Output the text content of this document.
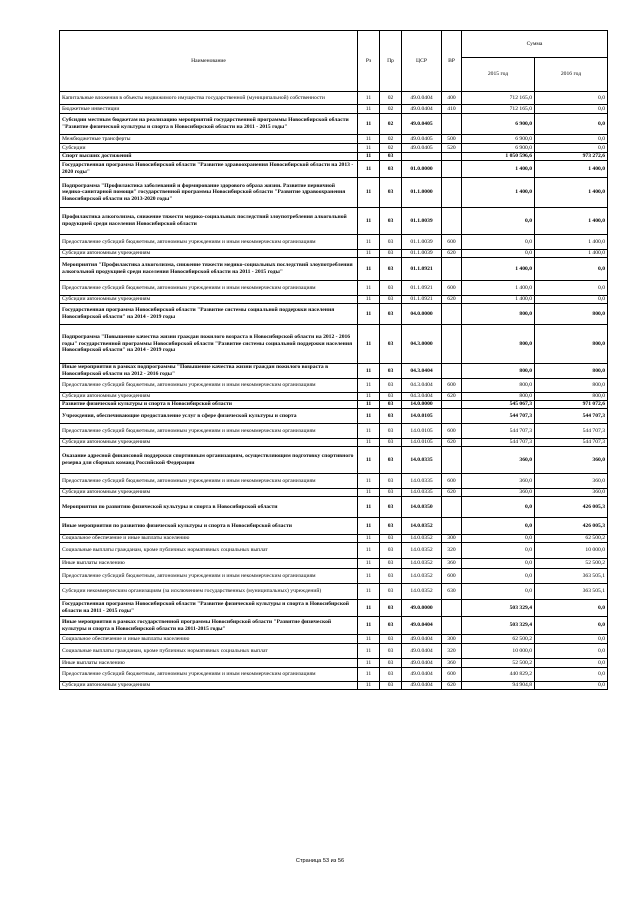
Наименование	Рз	Пр	ЦСР	ВР	Сумма	
					2015 год	2016 год
Капитальные вложения в объекты недвижимого имущества государственной (муниципальной) собственности	11	02	49.0.0404	400	712 165,0	0,0
Бюджетные инвестиции	11	02	49.0.0404	410	712 165,0	0,0
Субсидии местным бюджетам на реализацию мероприятий государственной программы Новосибирской области "Развитие физической культуры и спорта в Новосибирской области на 2011 - 2015 годы"	11	02	49.0.0405		6 900,0	0,0
Межбюджетные трансферты	11	02	49.0.0405	500	6 900,0	0,0
Субсидии	11	02	49.0.0405	520	6 900,0	0,0
Спорт высших достижений	11	03			1 050 596,6	973 272,6
Государственная программа Новосибирской области "Развитие здравоохранения Новосибирской области на 2013 - 2020 годы"	11	03	01.0.0000		1 400,0	1 400,0
Подпрограмма "Профилактика заболеваний и формирование здорового образа жизни. Развитие первичной медико-санитарной помощи" государственной программы Новосибирской области "Развитие здравоохранения Новосибирской области на 2013-2020 годы"	11	03	01.1.0000		1 400,0	1 400,0
Профилактика алкоголизма, снижение тяжести медико-социальных последствий злоупотребления алкогольной продукцией среди населения Новосибирской области	11	03	01.1.0039		0,0	1 400,0
Предоставление субсидий бюджетным, автономным учреждениям и иным некоммерческим организациям	11	03	01.1.0039	600	0,0	1 400,0
Субсидии автономным учреждениям	11	03	01.1.0039	620	0,0	1 400,0
Мероприятия "Профилактика алкоголизма, снижение тяжести медико-социальных последствий злоупотребления алкогольной продукцией среди населения Новосибирской области на 2011 - 2015 годы"	11	03	01.1.0921		1 400,0	0,0
Предоставление субсидий бюджетным, автономным учреждениям и иным некоммерческим организациям	11	03	01.1.0921	600	1 400,0	0,0
Субсидии автономным учреждениям	11	03	01.1.0921	620	1 400,0	0,0
Государственная программа Новосибирской области "Развитие системы социальной поддержки населения Новосибирской области" на 2014 - 2019 годы	11	03	04.0.0000		800,0	800,0
Подпрограмма "Повышение качества жизни граждан пожилого возраста в Новосибирской области на 2012 - 2016 годы" государственной программы Новосибирской области "Развитие системы социальной поддержки населения Новосибирской области" на 2014 - 2019 годы	11	03	04.3.0000		800,0	800,0
Иные мероприятия в рамках подпрограммы "Повышение качества жизни граждан пожилого возраста в Новосибирской области на 2012 - 2016 годы"	11	03	04.3.0404		800,0	800,0
Предоставление субсидий бюджетным, автономным учреждениям и иным некоммерческим организациям	11	03	04.3.0404	600	800,0	800,0
Субсидии автономным учреждениям	11	03	04.3.0404	620	800,0	800,0
Развитие физической культуры и спорта в Новосибирской области	11	03	14.0.0000		545 067,3	971 072,6
Учреждения, обеспечивающие предоставление услуг в сфере физической культуры и спорта	11	03	14.0.0105		544 707,3	544 707,3
Предоставление субсидий бюджетным, автономным учреждениям и иным некоммерческим организациям	11	03	14.0.0105	600	544 707,3	544 707,3
Субсидии автономным учреждениям	11	03	14.0.0105	620	544 707,3	544 707,3
Оказание адресной финансовой поддержки спортивным организациям, осуществляющим подготовку спортивного резерва для сборных команд Российской Федерации	11	03	14.0.0335		360,0	360,0
Предоставление субсидий бюджетным, автономным учреждениям и иным некоммерческим организациям	11	03	14.0.0335	600	360,0	360,0
Субсидии автономным учреждениям	11	03	14.0.0335	620	360,0	360,0
Мероприятия по развитию физической культуры и спорта в Новосибирской области	11	03	14.0.0350		0,0	426 005,3
Иные мероприятия по развитию физической культуры и спорта в Новосибирской области	11	03	14.0.0352		0,0	426 005,3
Социальное обеспечение и иные выплаты населению	11	03	14.0.0352	300	0,0	62 500,2
Социальные выплаты гражданам, кроме публичных нормативных социальных выплат	11	03	14.0.0352	320	0,0	10 000,0
Иные выплаты населению	11	03	14.0.0352	360	0,0	52 500,2
Предоставление субсидий бюджетным, автономным учреждениям и иным некоммерческим организациям	11	03	14.0.0352	600	0,0	363 505,1
Субсидии некоммерческим организациям (за исключением государственных (муниципальных) учреждений)	11	03	14.0.0352	630	0,0	363 505,1
Государственная программа Новосибирской области "Развитие физической культуры и спорта в Новосибирской области на 2011 - 2015 годы"	11	03	49.0.0000		503 329,4	0,0
Иные мероприятия в рамках государственной программы Новосибирской области "Развитие физической культуры и спорта в Новосибирской области на 2011-2015 годы"	11	03	49.0.0404		503 329,4	0,0
Социальное обеспечение и иные выплаты населению	11	03	49.0.0404	300	62 500,2	0,0
Социальные выплаты гражданам, кроме публичных нормативных социальных выплат	11	03	49.0.0404	320	10 000,0	0,0
Иные выплаты населению	11	03	49.0.0404	360	52 500,2	0,0
Предоставление субсидий бюджетным, автономным учреждениям и иным некоммерческим организациям	11	03	49.0.0404	600	440 829,2	0,0
Субсидии автономным учреждениям	11	03	49.0.0404	620	94 904,8	0,0
Страница 53 из 56
